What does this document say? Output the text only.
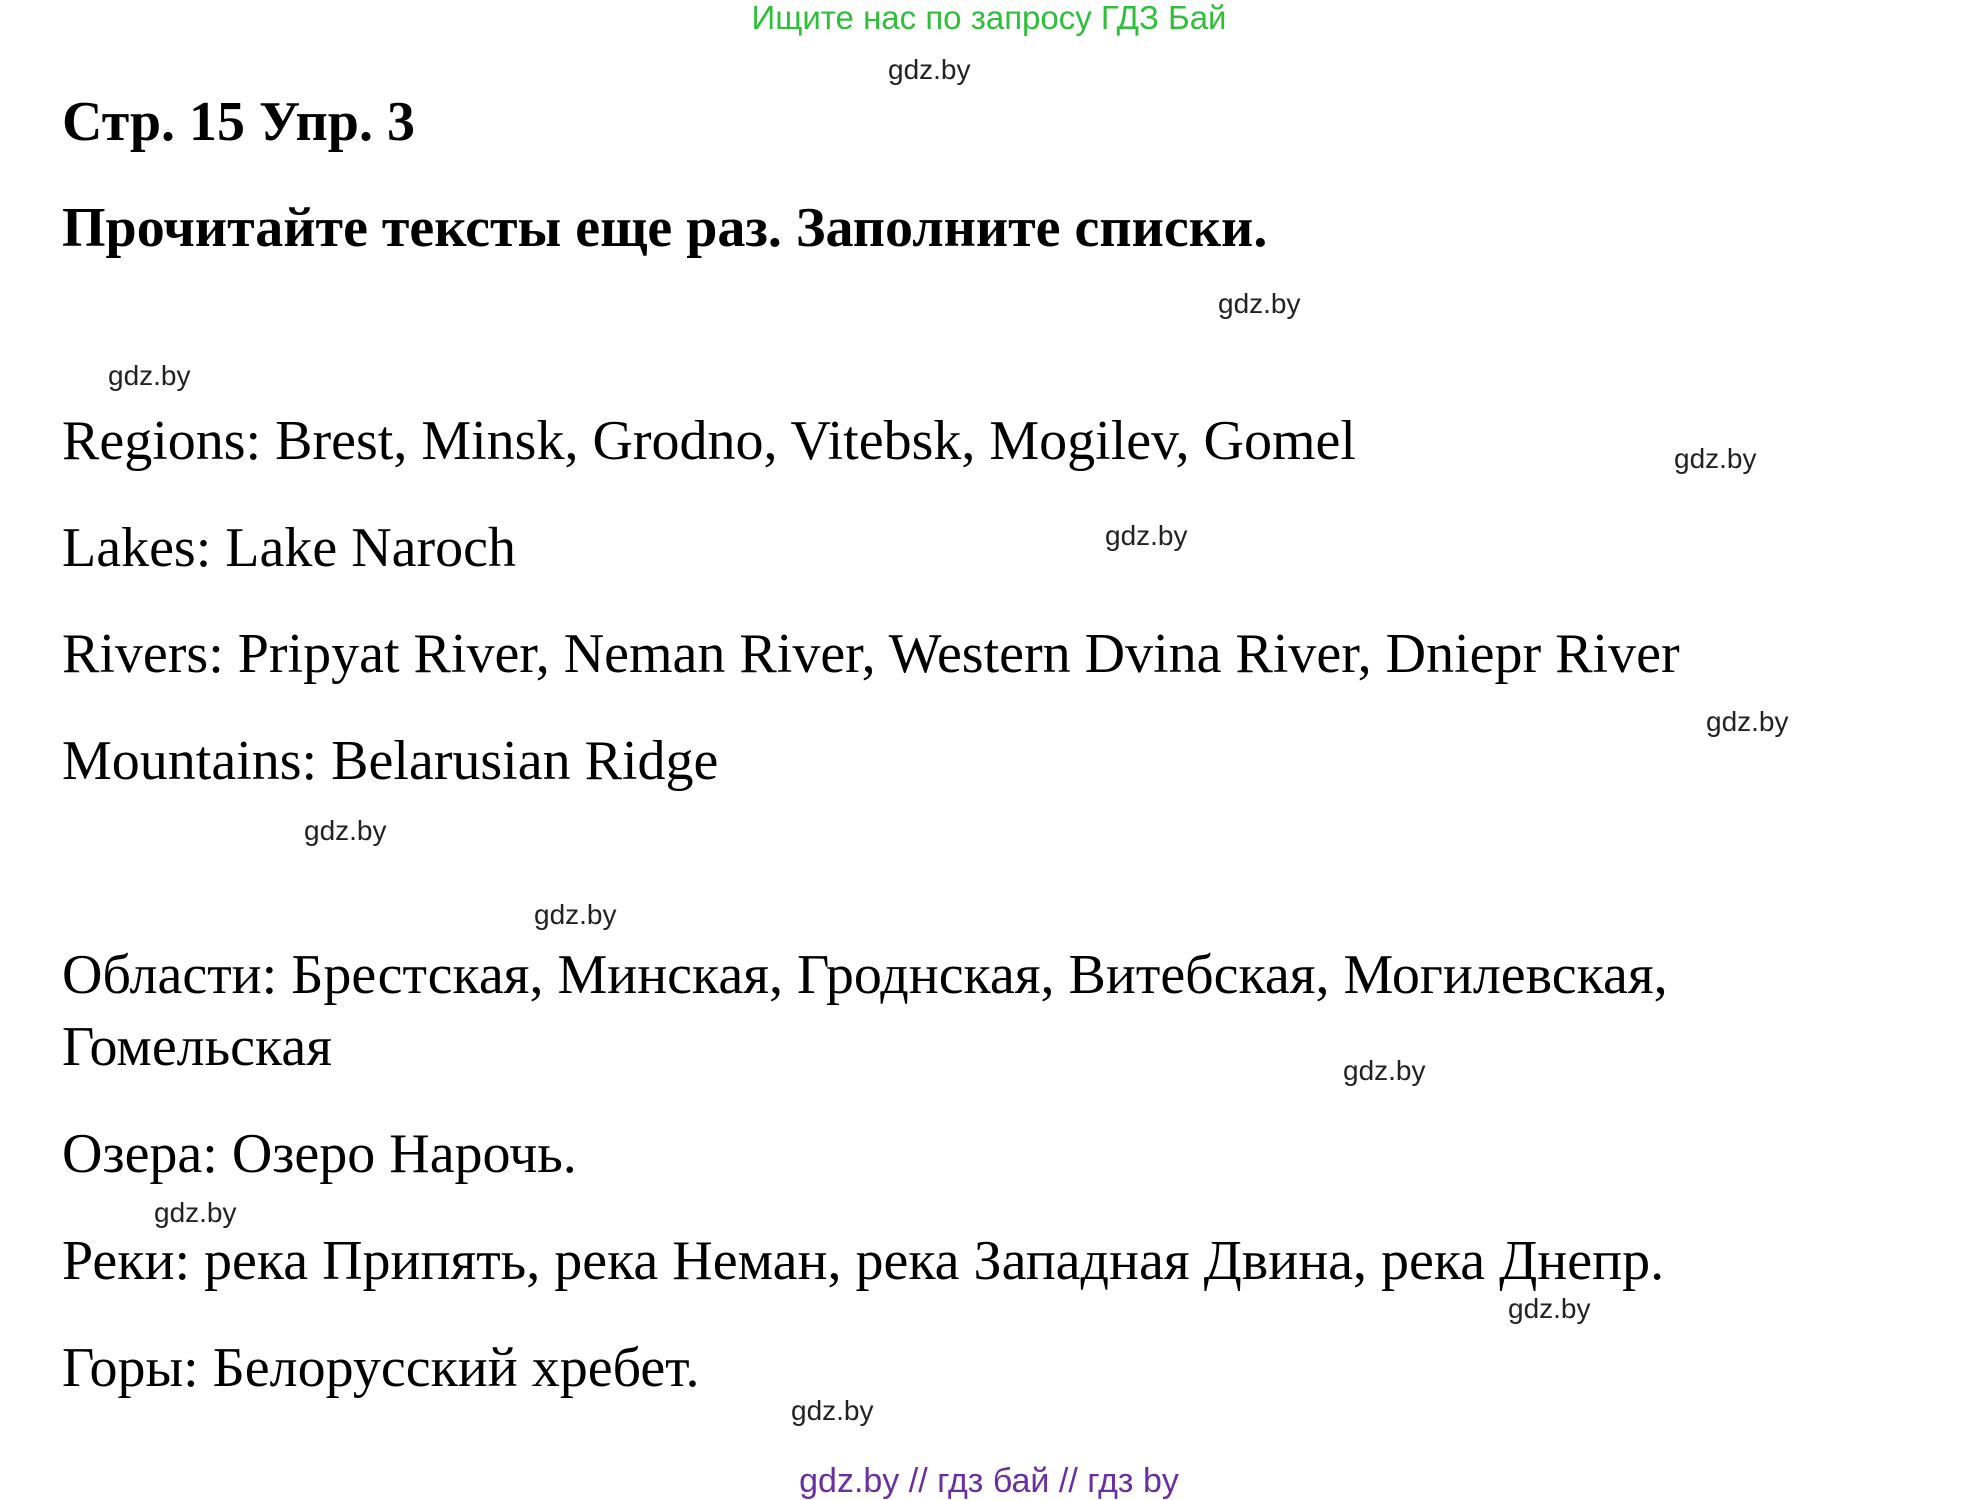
Ищите нас по запросу ГДЗ Бай
gdz.by
Стр. 15 Упр. 3
Прочитайте тексты еще раз. Заполните списки.
gdz.by
gdz.by
Regions: Brest, Minsk, Grodno, Vitebsk, Mogilev, Gomel	gdz.by
Lakes: Lake Naroch	gdz.by
Rivers: Pripyat River, Neman River, Western Dvina River, Dniepr River
gdz.by
Mountains: Belarusian Ridge
gdz.by
gdz.by
Области: Брестская, Минская, Гроднская, Витебская, Могилевская,
Гомельская	gdz.by
Озера: Озеро Нарочь.
gdz.by
Реки: река Припять, река Неман, река Западная Двина, река Днепр.
gdz.by
Горы: Белорусский хребет.
gdz.by
gdz.by // гдз бай // гдз by
